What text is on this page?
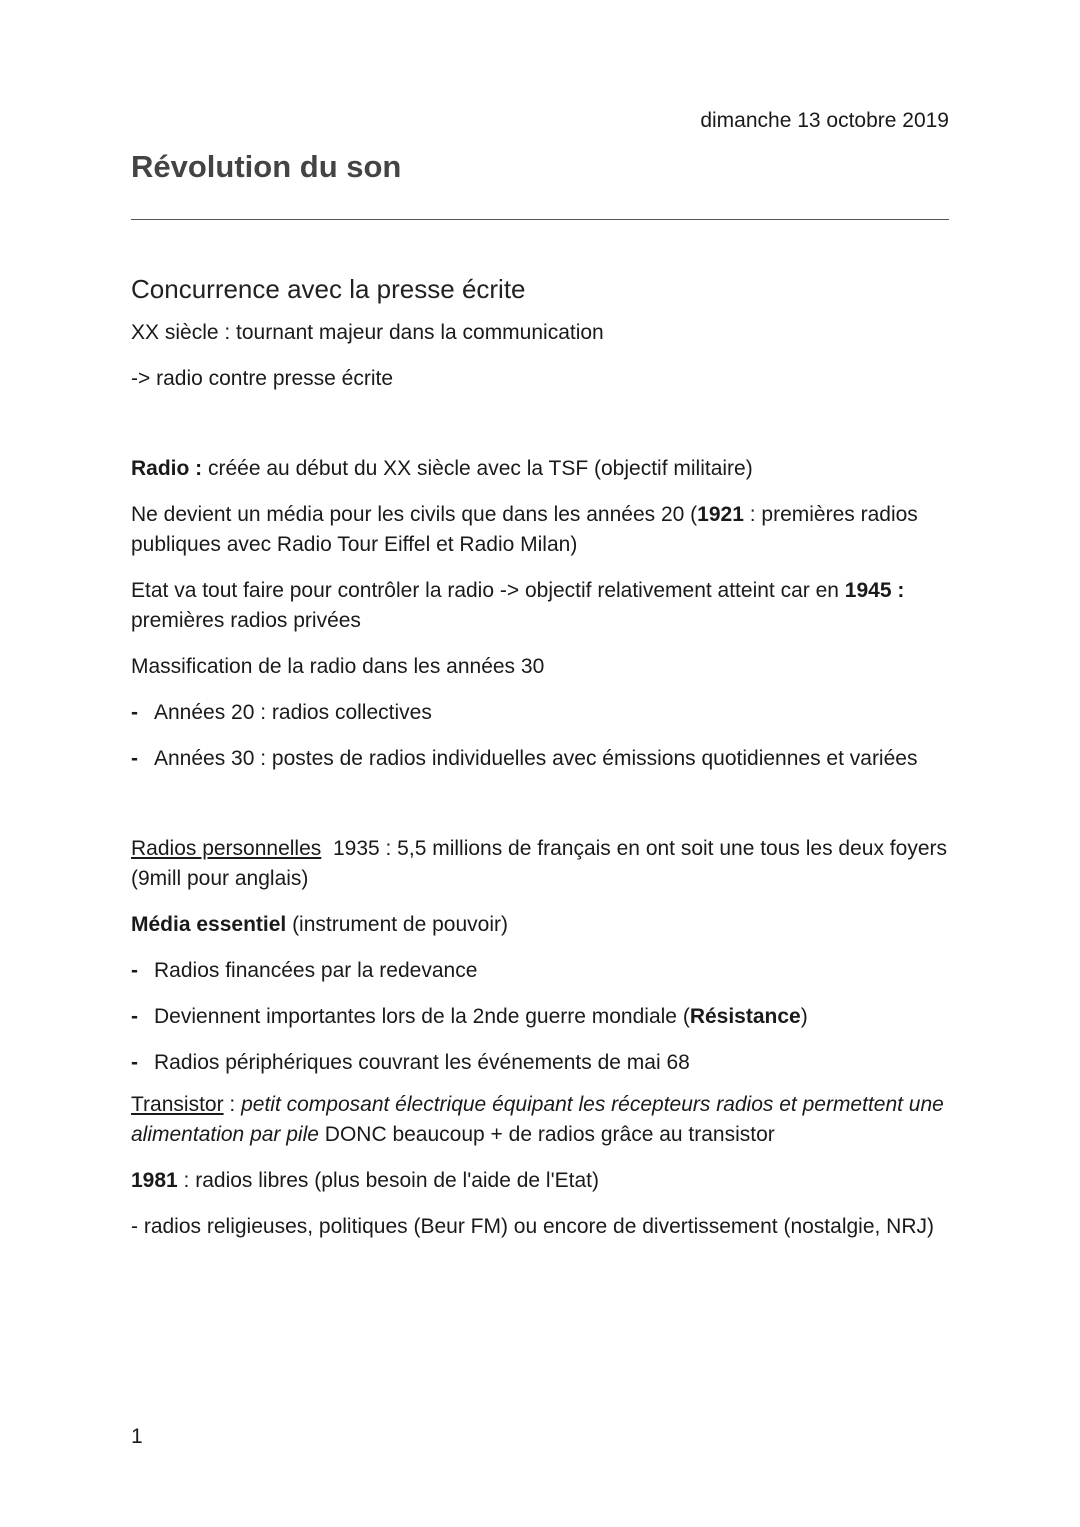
dimanche 13 octobre 2019
Révolution du son
Concurrence avec la presse écrite

XX siècle : tournant majeur dans la communication

-> radio contre presse écrite

Radio : créée au début du XX siècle avec la TSF (objectif militaire)

Ne devient un média pour les civils que dans les années 20 (1921 : premières radios publiques avec Radio Tour Eiffel et Radio Milan)

Etat va tout faire pour contrôler la radio -> objectif relativement atteint car en 1945 : premières radios privées

Massification de la radio dans les années 30

- Années 20 : radios collectives
- Années 30 : postes de radios individuelles avec émissions quotidiennes et variées

Radios personnelles  1935 : 5,5 millions de français en ont soit une tous les deux foyers (9mill pour anglais)

Média essentiel (instrument de pouvoir)

- Radios financées par la redevance
- Deviennent importantes lors de la 2nde guerre mondiale (Résistance)
- Radios périphériques couvrant les événements de mai 68

Transistor : petit composant électrique équipant les récepteurs radios et permettent une alimentation par pile DONC beaucoup + de radios grâce au transistor

1981 : radios libres (plus besoin de l'aide de l'Etat)

- radios religieuses, politiques (Beur FM) ou encore de divertissement (nostalgie, NRJ)

1
